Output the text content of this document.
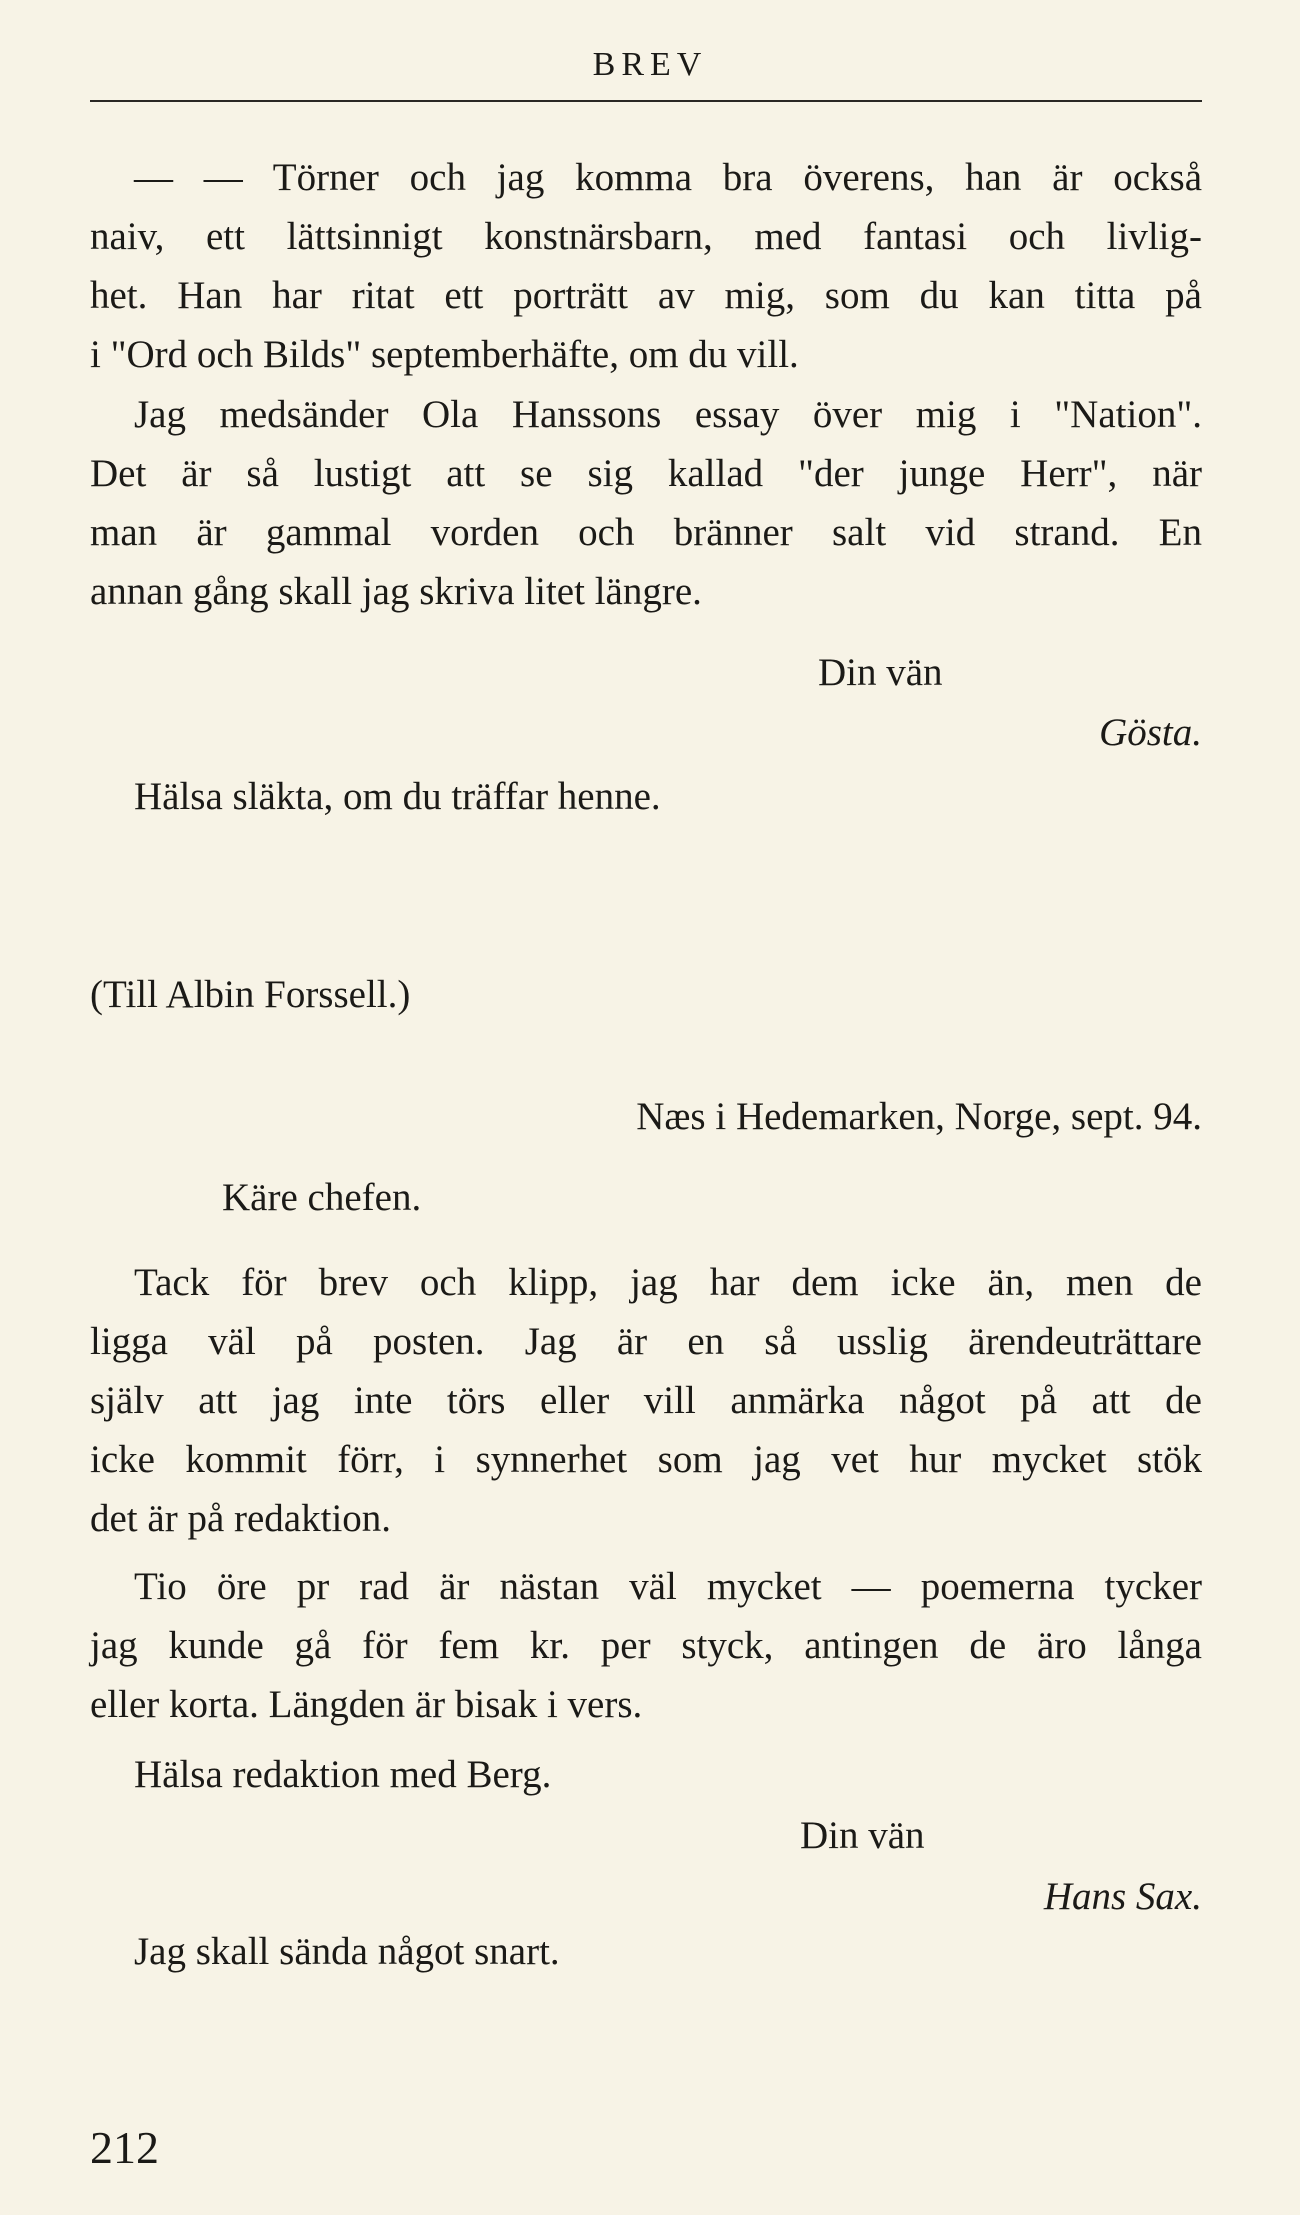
BREV
— — Törner och jag komma bra överens, han är också
naiv, ett lättsinnigt konstnärsbarn, med fantasi och livlig-
het. Han har ritat ett porträtt av mig, som du kan titta på
i "Ord och Bilds" septemberhäfte, om du vill.
Jag medsänder Ola Hanssons essay över mig i "Nation".
Det är så lustigt att se sig kallad "der junge Herr", när
man är gammal vorden och bränner salt vid strand. En
annan gång skall jag skriva litet längre.
Din vän
Gösta.
Hälsa släkta, om du träffar henne.
(Till Albin Forssell.)
Næs i Hedemarken, Norge, sept. 94.
Käre chefen.
Tack för brev och klipp, jag har dem icke än, men de
ligga väl på posten. Jag är en så usslig ärendeuträttare
själv att jag inte törs eller vill anmärka något på att de
icke kommit förr, i synnerhet som jag vet hur mycket stök
det är på redaktion.
Tio öre pr rad är nästan väl mycket — poemerna tycker
jag kunde gå för fem kr. per styck, antingen de äro långa
eller korta. Längden är bisak i vers.
Hälsa redaktion med Berg.
Din vän
Hans Sax.
Jag skall sända något snart.
212
